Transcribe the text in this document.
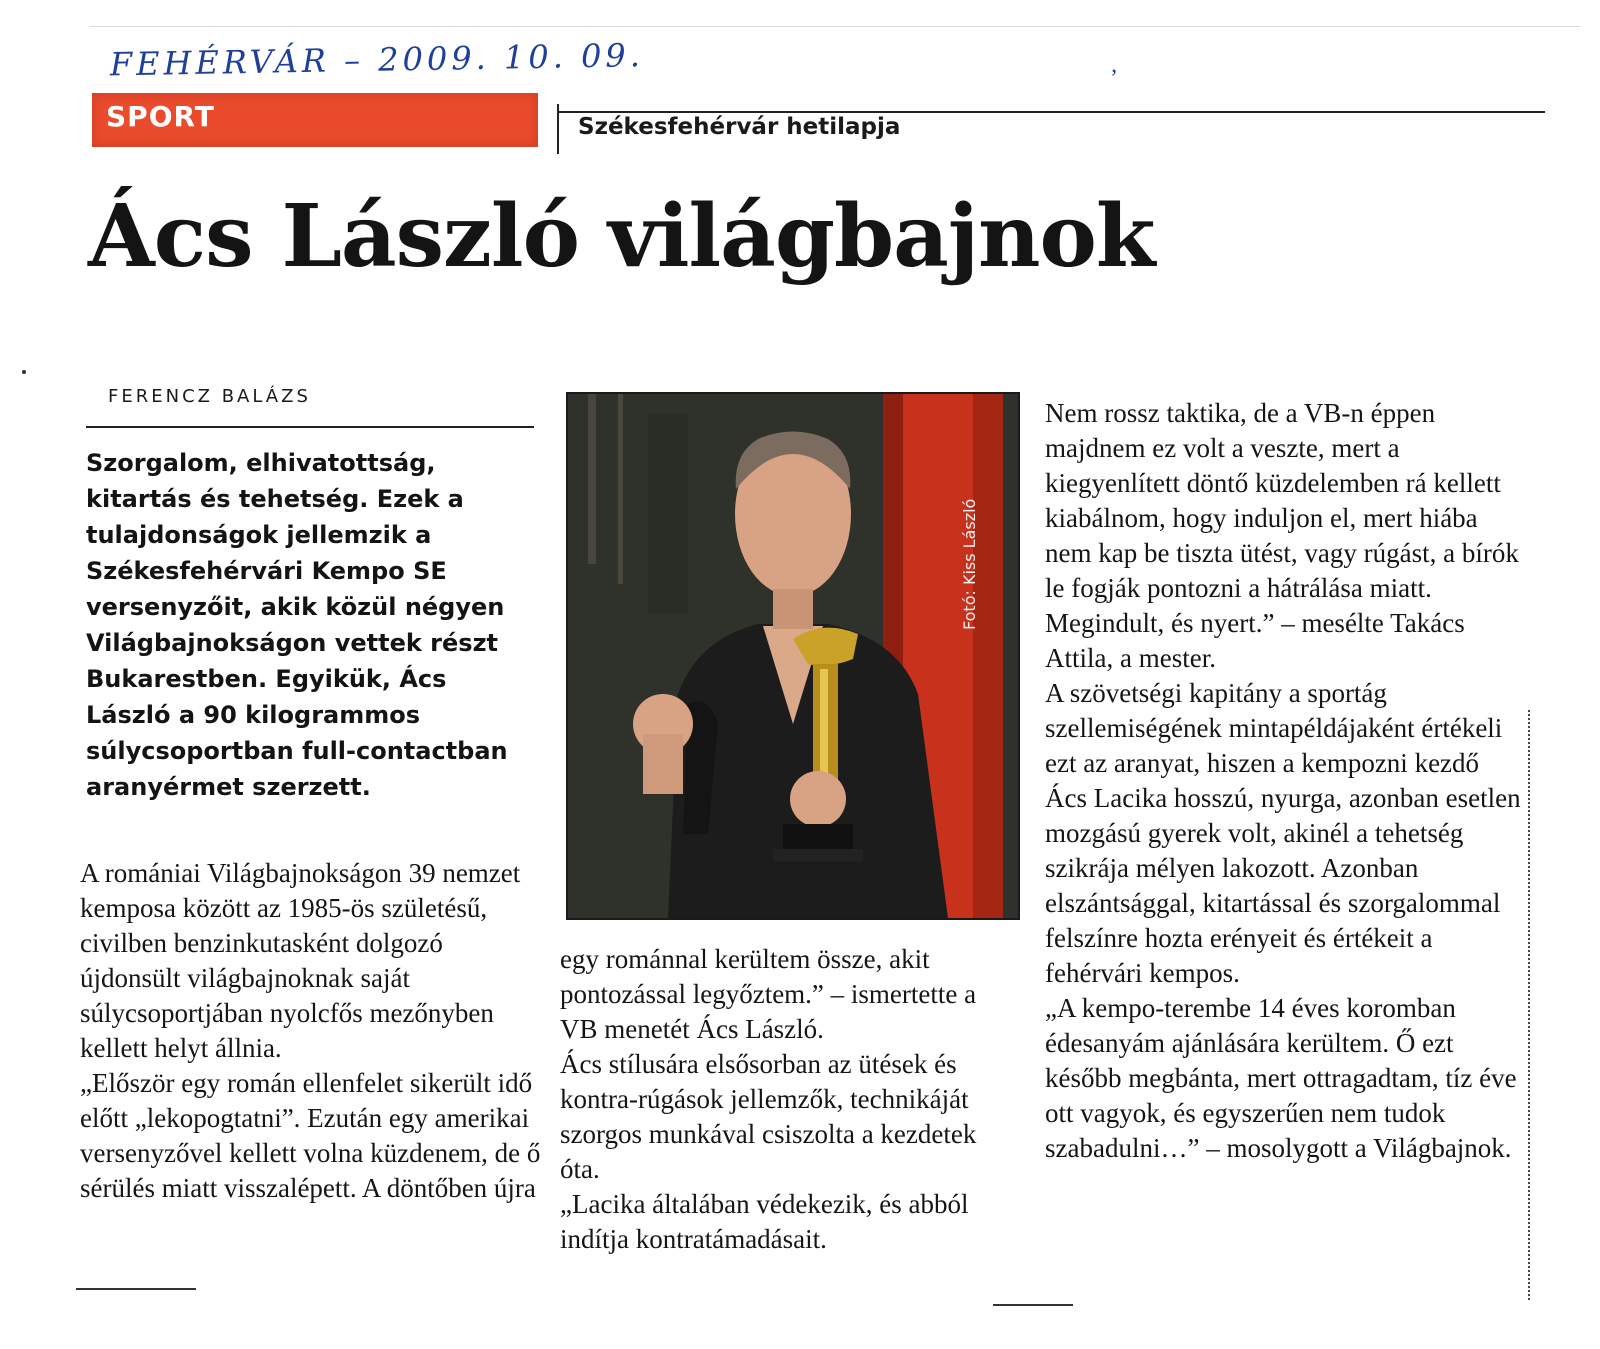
FEHÉRVÁR – 2009. 10. 09.	‚
SPORT	Székesfehérvár hetilapja
Ács László világbajnok
FERENCZ BALÁZS
Szorgalom, elhivatottság, kitartás és tehetség. Ezek a tulajdonságok jellemzik a Székesfehérvári Kempo SE versenyzőit, akik közül négyen Világbajnokságon vettek részt Bukarestben. Egyikük, Ács László a 90 kilogrammos súlycsoportban full-contactban aranyérmet szerzett.

A romániai Világbajnokságon 39 nemzet kemposa között az 1985-ös születésű, civilben benzinkutasként dolgozó újdonsült világbajnoknak saját súlycsoportjában nyolcfős mezőnyben kellett helyt állnia.

„Először egy román ellenfelet sikerült idő előtt „lekopogtatni”. Ezután egy amerikai versenyzővel kellett volna küzdenem, de ő sérülés miatt visszalépett. A döntőben újra

Fotó: Kiss László

egy románnal kerültem össze, akit pontozással legyőztem.” – ismertette a VB menetét Ács László.

Ács stílusára elsősorban az ütések és kontra-rúgások jellemzők, technikáját szorgos munkával csiszolta a kezdetek óta.

„Lacika általában védekezik, és abból indítja kontratámadásait.

Nem rossz taktika, de a VB-n éppen majdnem ez volt a veszte, mert a kiegyenlített döntő küzdelemben rá kellett kiabálnom, hogy induljon el, mert hiába nem kap be tiszta ütést, vagy rúgást, a bírók le fogják pontozni a hátrálása miatt. Megindult, és nyert.” – mesélte Takács Attila, a mester.

A szövetségi kapitány a sportág szellemiségének mintapéldájaként értékeli ezt az aranyat, hiszen a kempozni kezdő Ács Lacika hosszú, nyurga, azonban esetlen mozgású gyerek volt, akinél a tehetség szikrája mélyen lakozott. Azonban elszántsággal, kitartással és szorgalommal felszínre hozta erényeit és értékeit a fehérvári kempos.

„A kempo-terembe 14 éves koromban édesanyám ajánlására kerültem. Ő ezt később megbánta, mert ottragadtam, tíz éve ott vagyok, és egyszerűen nem tudok szabadulni…” – mosolygott a Világbajnok.
